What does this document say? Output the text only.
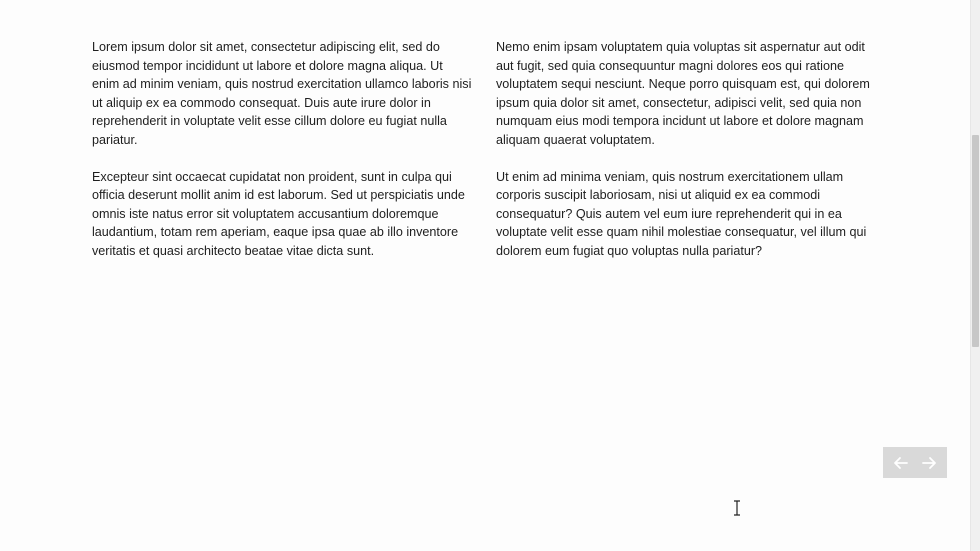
Lorem ipsum dolor sit amet, consectetur adipiscing elit, sed do eiusmod tempor incididunt ut labore et dolore magna aliqua. Ut enim ad minim veniam, quis nostrud exercitation ullamco laboris nisi ut aliquip ex ea commodo consequat. Duis aute irure dolor in reprehenderit in voluptate velit esse cillum dolore eu fugiat nulla pariatur.

Excepteur sint occaecat cupidatat non proident, sunt in culpa qui officia deserunt mollit anim id est laborum. Sed ut perspiciatis unde omnis iste natus error sit voluptatem accusantium doloremque laudantium, totam rem aperiam, eaque ipsa quae ab illo inventore veritatis et quasi architecto beatae vitae dicta sunt.

Nemo enim ipsam voluptatem quia voluptas sit aspernatur aut odit aut fugit, sed quia consequuntur magni dolores eos qui ratione voluptatem sequi nesciunt. Neque porro quisquam est, qui dolorem ipsum quia dolor sit amet, consectetur, adipisci velit, sed quia non numquam eius modi tempora incidunt ut labore et dolore magnam aliquam quaerat voluptatem.

Ut enim ad minima veniam, quis nostrum exercitationem ullam corporis suscipit laboriosam, nisi ut aliquid ex ea commodi consequatur? Quis autem vel eum iure reprehenderit qui in ea voluptate velit esse quam nihil molestiae consequatur, vel illum qui dolorem eum fugiat quo voluptas nulla pariatur?
